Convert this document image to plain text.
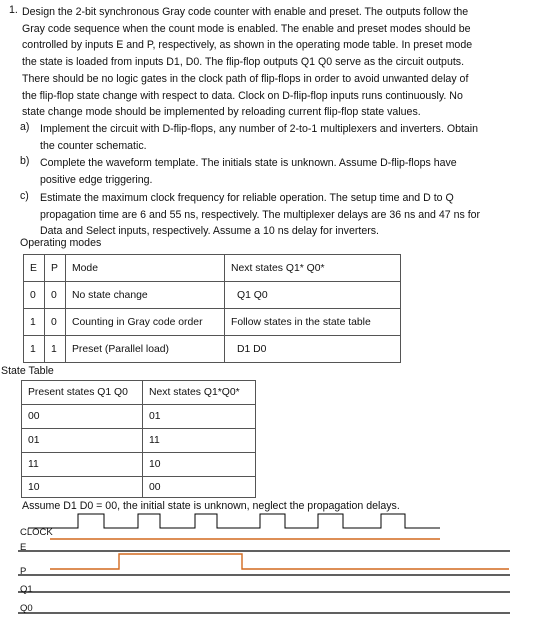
1. Design the 2-bit synchronous Gray code counter with enable and preset. The outputs follow the
Gray code sequence when the count mode is enabled. The enable and preset modes should be
controlled by inputs E and P, respectively, as shown in the operating mode table. In preset mode
the state is loaded from inputs D1, D0. The flip-flop outputs Q1 Q0 serve as the circuit outputs.
There should be no logic gates in the clock path of flip-flops in order to avoid unwanted delay of
the flip-flop state change with respect to data. Clock on D-flip-flop inputs runs continuously. No
state change mode should be implemented by reloading current flip-flop state values.
a) Implement the circuit with D-flip-flops, any number of 2-to-1 multiplexers and inverters. Obtain
the counter schematic.
b) Complete the waveform template. The initials state is unknown. Assume D-flip-flops have
positive edge triggering.
c) Estimate the maximum clock frequency for reliable operation. The setup time and D to Q
propagation time are 6 and 55 ns, respectively. The multiplexer delays are 36 ns and 47 ns for
Data and Select inputs, respectively. Assume a 10 ns delay for inverters.
Operating modes
E	P	Mode	Next states Q1* Q0*
0	0	No state change	Q1 Q0
1	0	Counting in Gray code order	Follow states in the state table
1	1	Preset (Parallel load)	D1 D0
State Table
Present states Q1 Q0	Next states Q1*Q0*
00	01
01	11
11	10
10	00
Assume D1 D0 = 00, the initial state is unknown, neglect the propagation delays.
CLOCK
E
P
Q1
Q0
